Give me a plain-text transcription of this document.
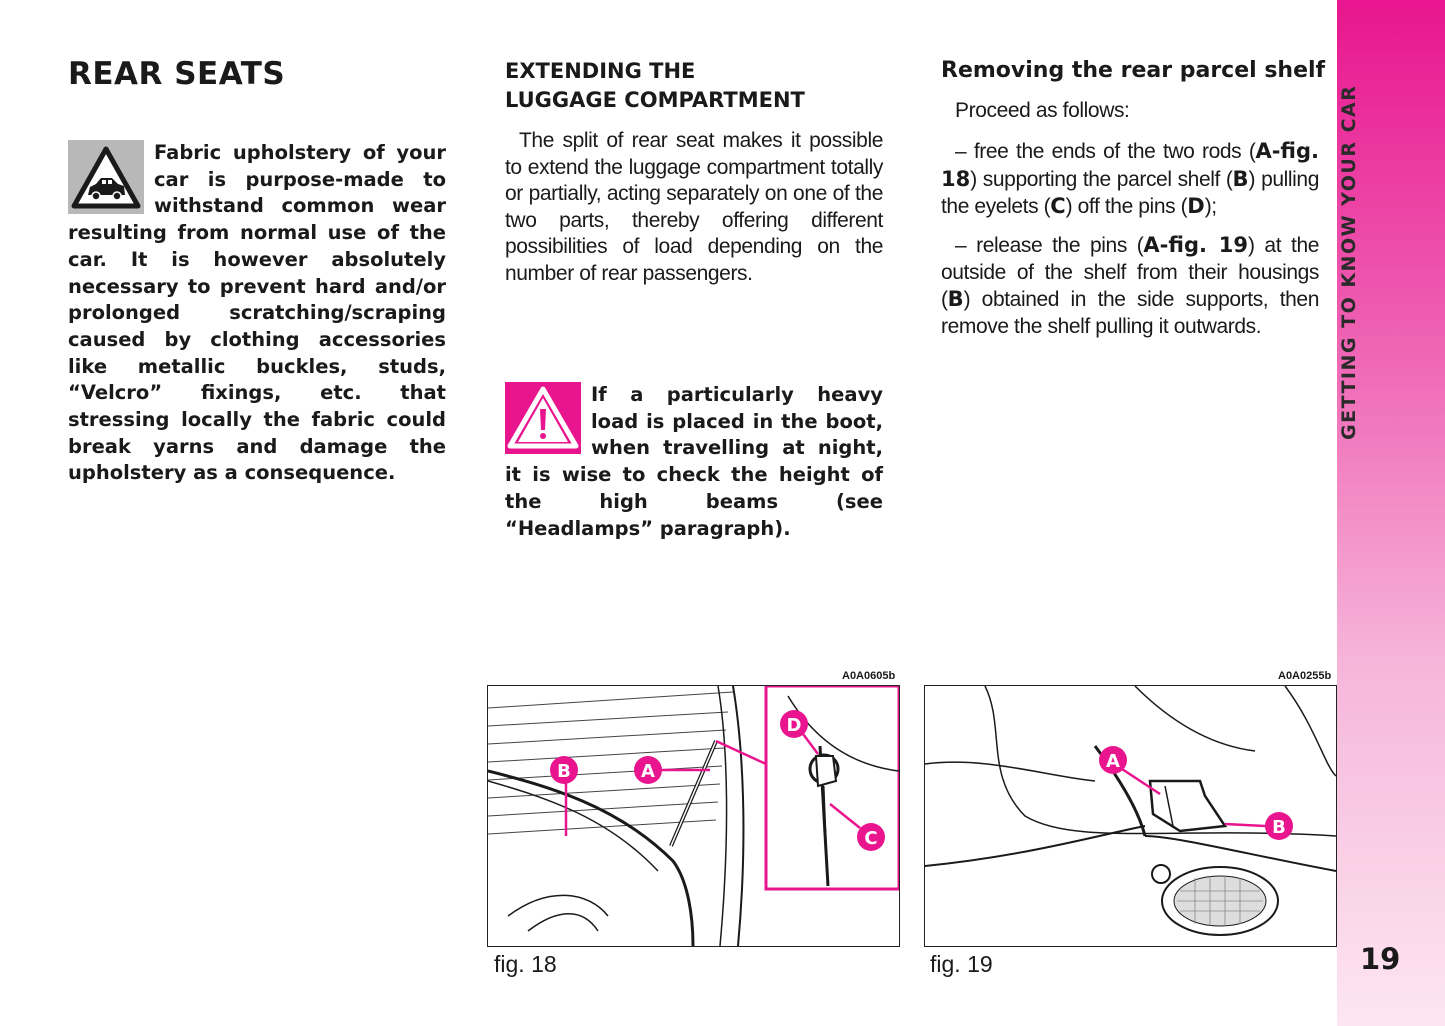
REAR SEATS

Fabric upholstery of your car is purpose-made to withstand common wear resulting from normal use of the car. It is however absolutely necessary to prevent hard and/or prolonged scratching/scraping caused by clothing accessories like metallic buckles, studs, “Velcro” fixings, etc. that stressing locally the fabric could break yarns and damage the upholstery as a consequence.

EXTENDING THE
LUGGAGE COMPARTMENT

The split of rear seat makes it possible to extend the luggage compartment totally or partially, acting separately on one of the two parts, thereby offering different possibilities of load depending on the number of rear passengers.

If a particularly heavy load is placed in the boot, when travelling at night, it is wise to check the height of the high beams (see “Headlamps” paragraph).

Removing the rear parcel shelf

Proceed as follows:

– free the ends of the two rods (A-fig. 18) supporting the parcel shelf (B) pulling the eyelets (C) off the pins (D);

– release the pins (A-fig. 19) at the outside of the shelf from their housings (B) obtained in the side supports, then remove the shelf pulling it outwards.

A0A0605b
B	A
D
C
fig. 18
A0A0255b
A
B
fig. 19
GETTING TO KNOW YOUR CAR
19
